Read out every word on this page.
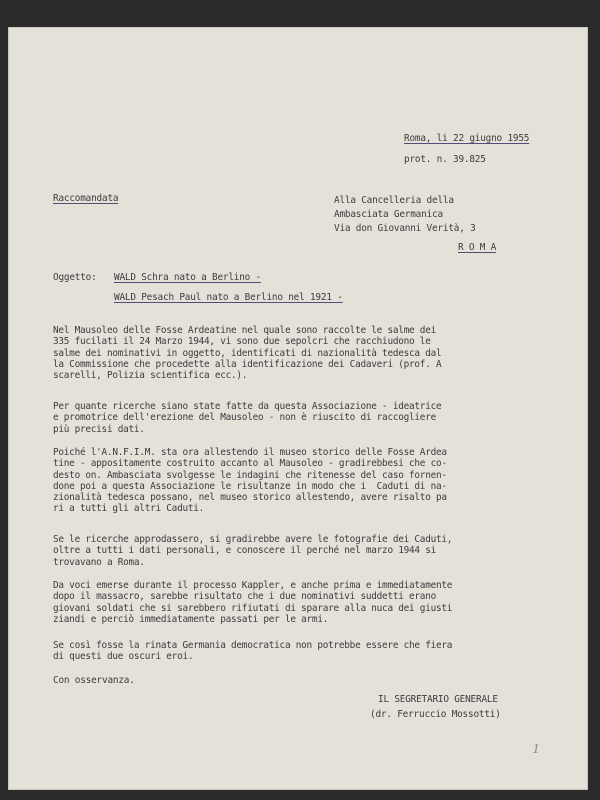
Roma, li 22 giugno 1955
prot. n. 39.825
Raccomandata	Alla Cancelleria della
Ambasciata Germanica
Via don Giovanni Verità, 3
R O M A
Oggetto: WALD Schra nato a Berlino -
WALD Pesach Paul nato a Berlino nel 1921 -
Nel Mausoleo delle Fosse Ardeatine nel quale sono raccolte le salme dei
335 fucilati il 24 Marzo 1944, vi sono due sepolcri che racchiudono le
salme dei nominativi in oggetto, identificati di nazionalità tedesca dal
la Commissione che procedette alla identificazione dei Cadaveri (prof. A
scarelli, Polizia scientifica ecc.).
Per quante ricerche siano state fatte da questa Associazione - ideatrice
e promotrice dell'erezione del Mausoleo - non è riuscito di raccogliere
più precisi dati.
Poiché l'A.N.F.I.M. sta ora allestendo il museo storico delle Fosse Ardea
tine - appositamente costruito accanto al Mausoleo - gradirebbesi che co-
desto on. Ambasciata svolgesse le indagini che ritenesse del caso fornen-
done poi a questa Associazione le risultanze in modo che i  Caduti di na-
zionalità tedesca possano, nel museo storico allestendo, avere risalto pa
ri a tutti gli altri Caduti.
Se le ricerche approdassero, si gradirebbe avere le fotografie dei Caduti,
oltre a tutti i dati personali, e conoscere il perché nel marzo 1944 si
trovavano a Roma.
Da voci emerse durante il processo Kappler, e anche prima e immediatamente
dopo il massacro, sarebbe risultato che i due nominativi suddetti erano
giovani soldati che si sarebbero rifiutati di sparare alla nuca dei giusti
ziandi e perciò immediatamente passati per le armi.
Se così fosse la rinata Germania democratica non potrebbe essere che fiera
di questi due oscuri eroi.
Con osservanza.
IL SEGRETARIO GENERALE
(dr. Ferruccio Mossotti)
1
